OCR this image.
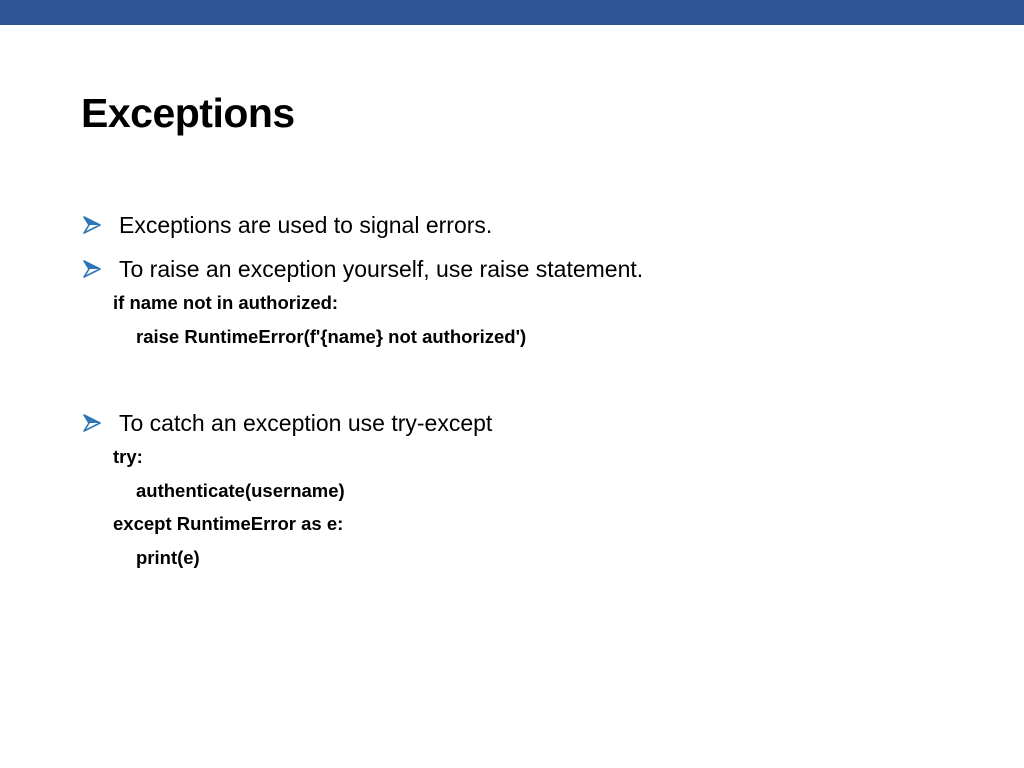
Exceptions
Exceptions are used to signal errors.
To raise an exception yourself, use raise statement.
if name not in authorized:
raise RuntimeError(f'{name} not authorized')
To catch an exception use try-except
try:
authenticate(username)
except RuntimeError as e:
print(e)
